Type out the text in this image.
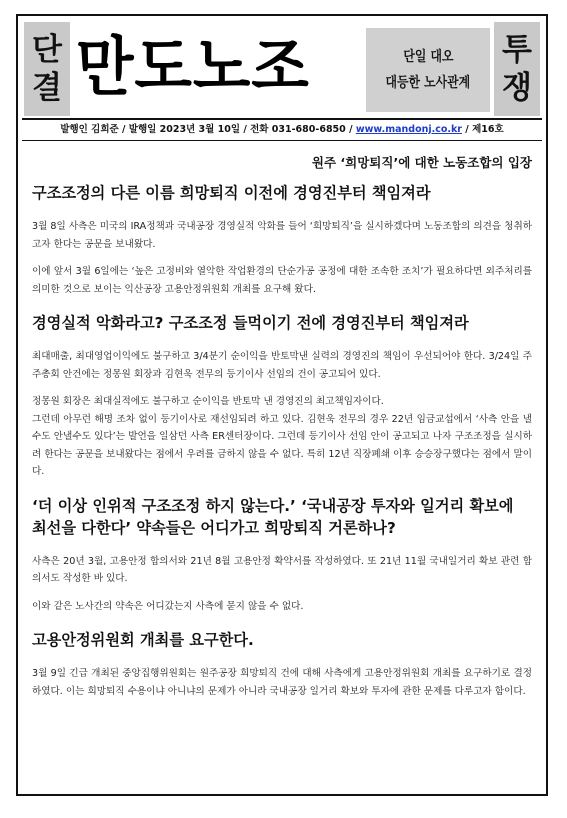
단
결 만도노조	단일 대오
대등한 노사관계
투
쟁
발행인 김희준 / 발행일 2023년 3월 10일 / 전화 031-680-6850 / www.mandonj.co.kr / 제16호
원주 ‘희망퇴직’에 대한 노동조합의 입장
구조조정의 다른 이름 희망퇴직 이전에 경영진부터 책임져라

3월 8일 사측은 미국의 IRA정책과 국내공장 경영실적 악화를 들어 ‘희망퇴직’을 실시하겠다며 노동조합의 의견을 청취하고자 한다는 공문을 보내왔다.

이에 앞서 3월 6일에는 ‘높은 고정비와 열악한 작업환경의 단순가공 공정에 대한 조속한 조치’가 필요하다면 외주처리를 의미한 것으로 보이는 익산공장 고용안정위원회 개최를 요구해 왔다.

경영실적 악화라고? 구조조정 들먹이기 전에 경영진부터 책임져라

최대매출, 최대영업이익에도 불구하고 3/4분기 순이익을 반토막낸 실력의 경영진의 책임이 우선되어야 한다. 3/24일 주주총회 안건에는 정몽원 회장과 김현욱 전무의 등기이사 선임의 건이 공고되어 있다.

정몽원 회장은 최대실적에도 불구하고 순이익을 반토막 낸 경영진의 최고책임자이다.
그런데 아무런 해명 조차 없이 등기이사로 재선임되려 하고 있다. 김현욱 전무의 경우 22년 임금교섭에서 ‘사측 안을 낼수도 안낼수도 있다’는 발언을 일삼던 사측 ER센터장이다. 그런데 등기이사 선임 안이 공고되고 나자 구조조정을 실시하려 한다는 공문을 보내왔다는 점에서 우려를 금하지 않을 수 없다. 특히 12년 직장폐쇄 이후 승승장구했다는 점에서 말이다.

‘더 이상 인위적 구조조정 하지 않는다.’ ‘국내공장 투자와 일거리 확보에 최선을 다한다’ 약속들은 어디가고 희망퇴직 거론하나?

사측은 20년 3월, 고용안정 합의서와 21년 8월 고용안정 확약서를 작성하였다. 또 21년 11월 국내일거리 확보 관련 합의서도 작성한 바 있다.

이와 같은 노사간의 약속은 어디갔는지 사측에 묻지 않을 수 없다.

고용안정위원회 개최를 요구한다.

3월 9일 긴급 개최된 중앙집행위원회는 원주공장 희망퇴직 건에 대해 사측에게 고용안정위원회 개최를 요구하기로 결정하였다. 이는 희망퇴직 수용이냐 아니냐의 문제가 아니라 국내공장 일거리 확보와 투자에 관한 문제를 다루고자 함이다.
